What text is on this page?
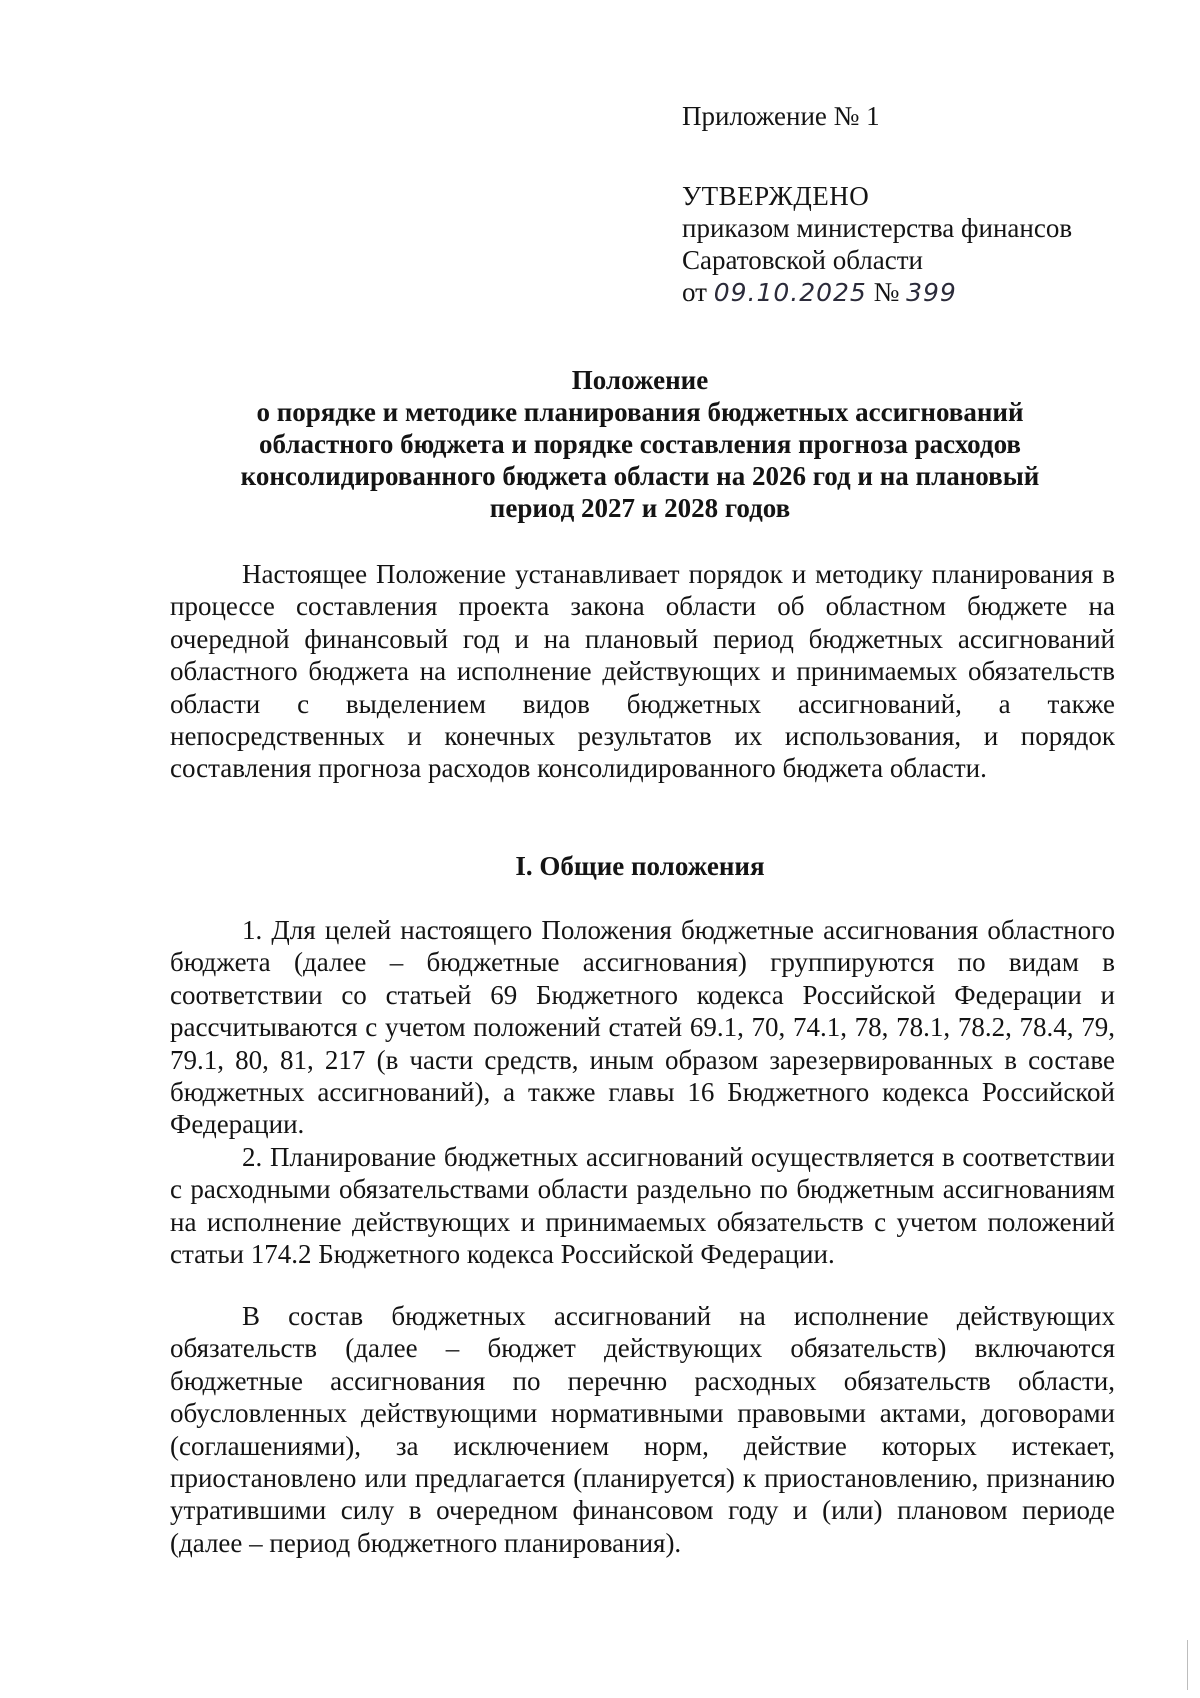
Приложение № 1
УТВЕРЖДЕНО
приказом министерства финансов
Саратовской области
от 09.10.2025 № 399
Положение
о порядке и методике планирования бюджетных ассигнований
областного бюджета и порядке составления прогноза расходов
консолидированного бюджета области на 2026 год и на плановый
период 2027 и 2028 годов

Настоящее Положение устанавливает порядок и методику планирования в процессе составления проекта закона области об областном бюджете на очередной финансовый год и на плановый период бюджетных ассигнований областного бюджета на исполнение действующих и принимаемых обязательств области с выделением видов бюджетных ассигнований, а также непосредственных и конечных результатов их использования, и порядок составления прогноза расходов консолидированного бюджета области.

I. Общие положения

1. Для целей настоящего Положения бюджетные ассигнования областного бюджета (далее – бюджетные ассигнования) группируются по видам в соответствии со статьей 69 Бюджетного кодекса Российской Федерации и рассчитываются с учетом положений статей 69.1, 70, 74.1, 78, 78.1, 78.2, 78.4, 79, 79.1, 80, 81, 217 (в части средств, иным образом зарезервированных в составе бюджетных ассигнований), а также главы 16 Бюджетного кодекса Российской Федерации.

2. Планирование бюджетных ассигнований осуществляется в соответствии с расходными обязательствами области раздельно по бюджетным ассигнованиям на исполнение действующих и принимаемых обязательств с учетом положений статьи 174.2 Бюджетного кодекса Российской Федерации.

В состав бюджетных ассигнований на исполнение действующих обязательств (далее – бюджет действующих обязательств) включаются бюджетные ассигнования по перечню расходных обязательств области, обусловленных действующими нормативными правовыми актами, договорами (соглашениями), за исключением норм, действие которых истекает, приостановлено или предлагается (планируется) к приостановлению, признанию утратившими силу в очередном финансовом году и (или) плановом периоде (далее – период бюджетного планирования).
